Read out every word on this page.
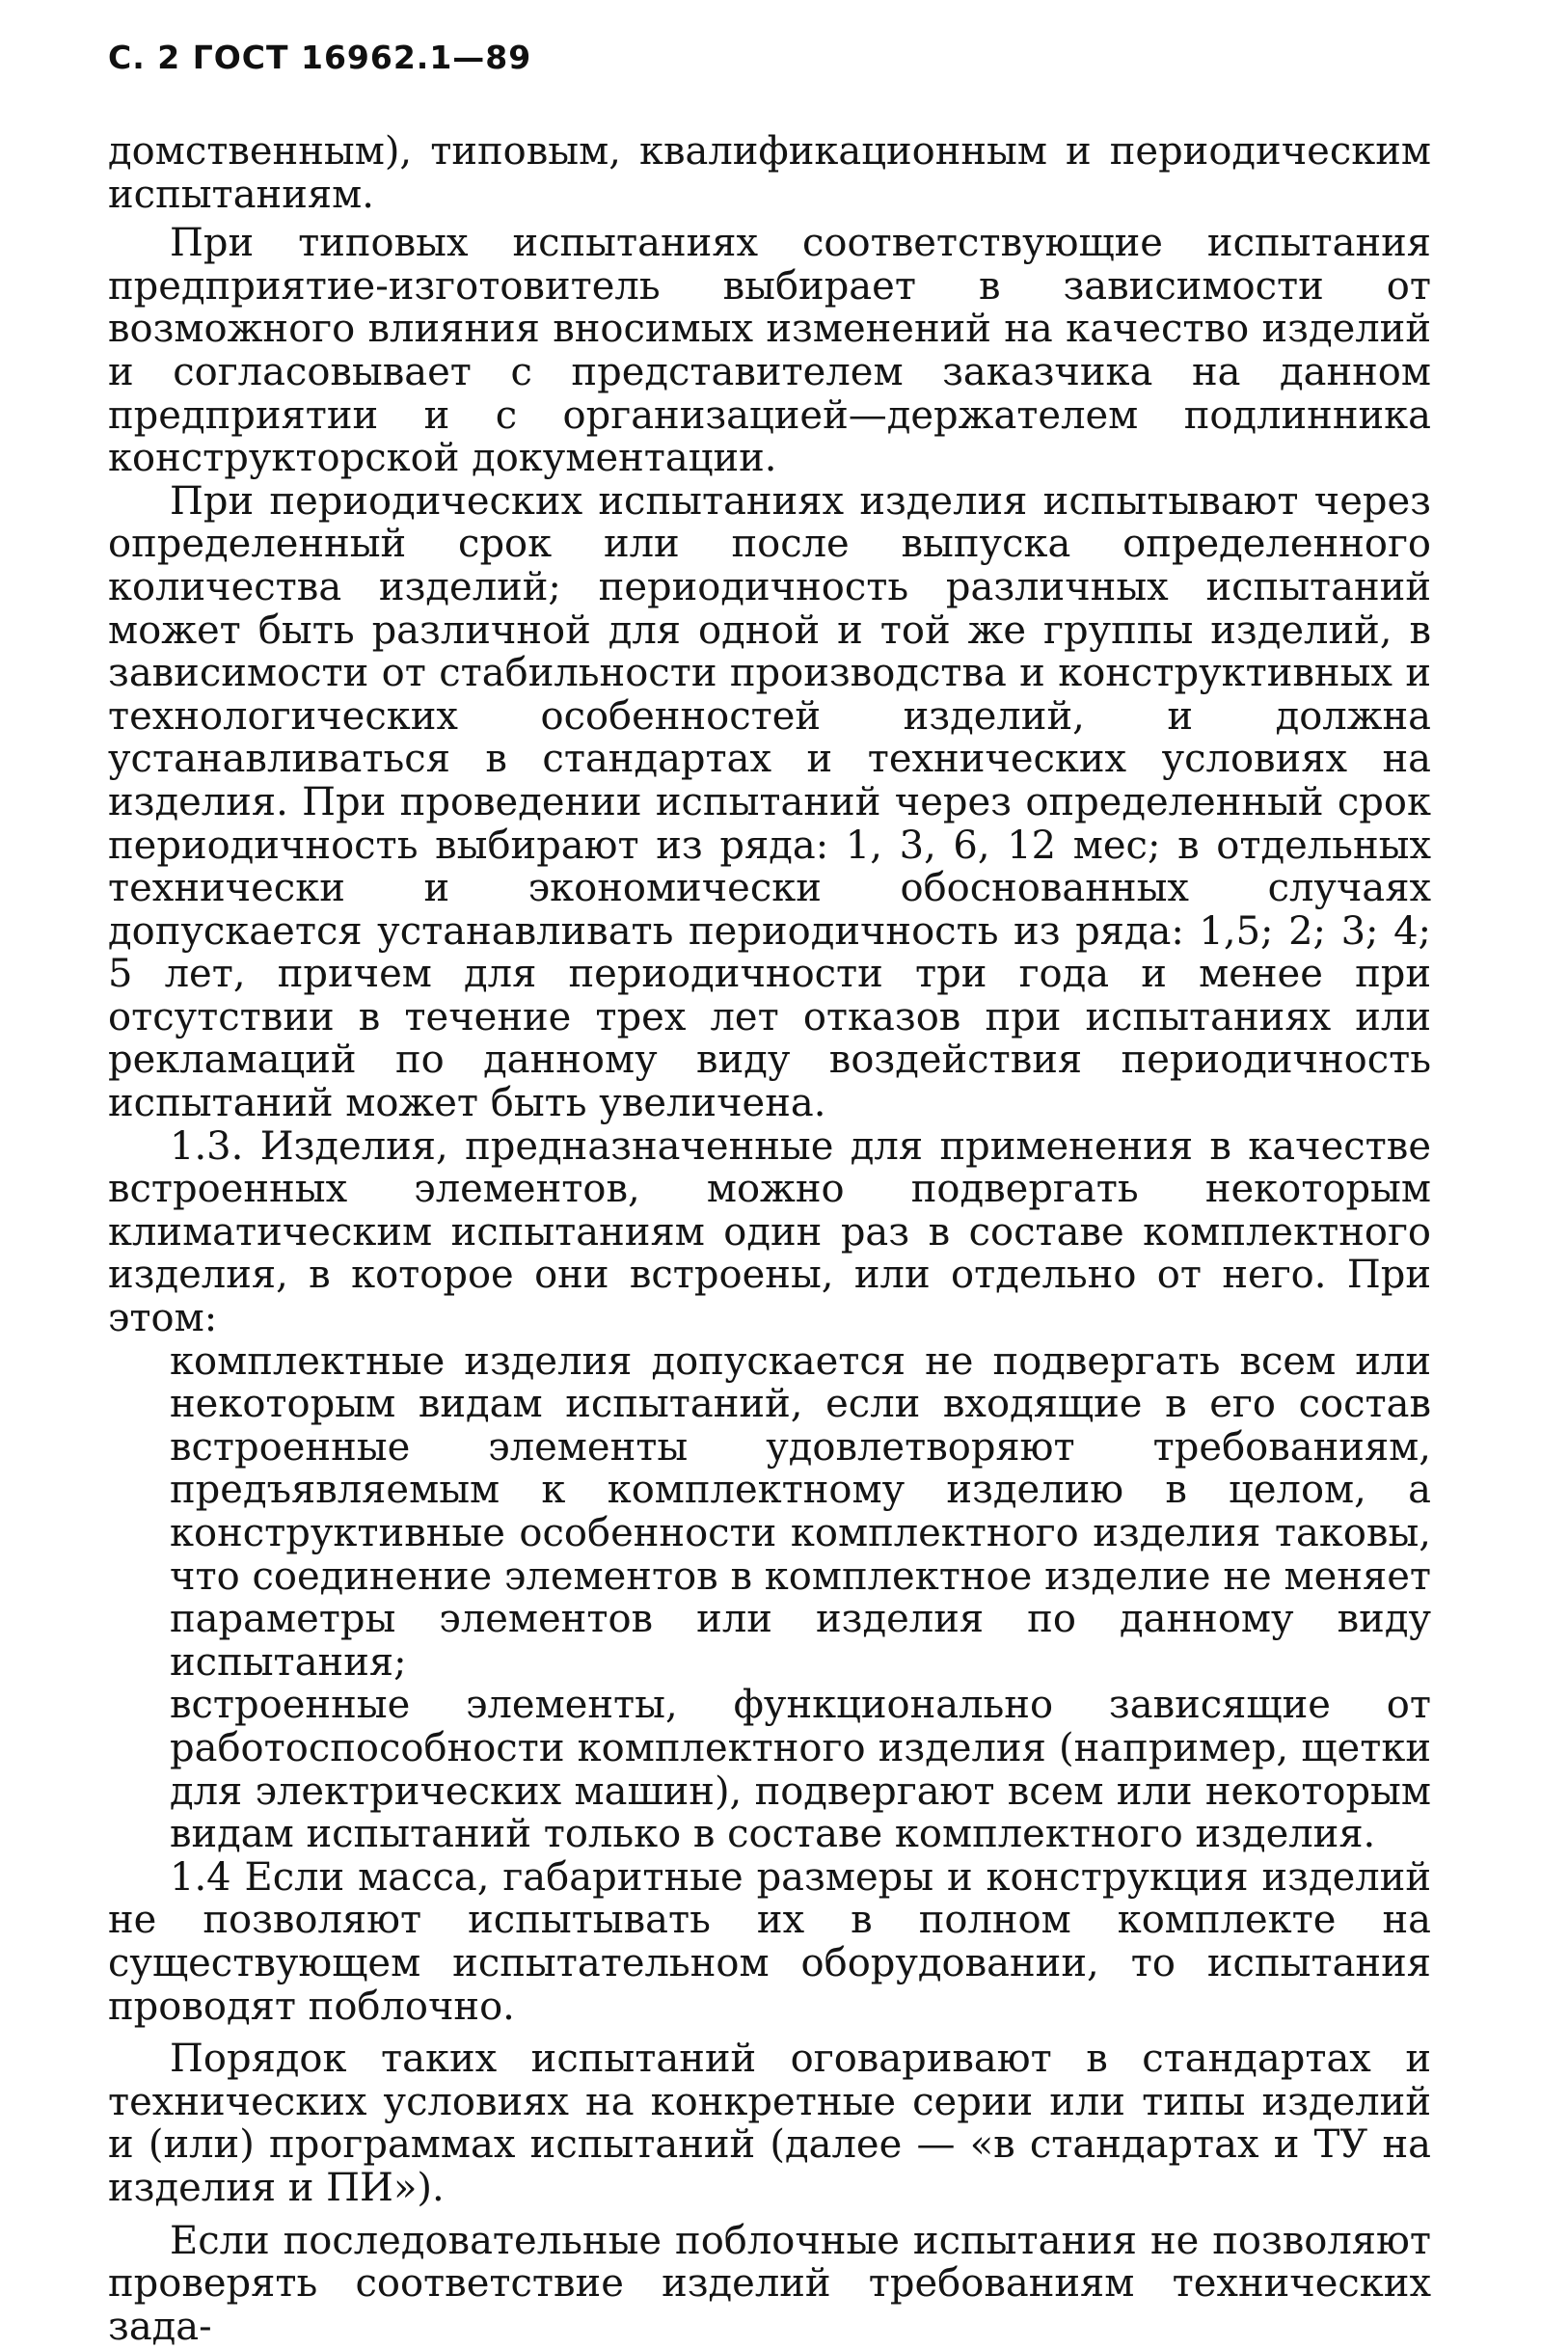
С. 2 ГОСТ 16962.1—89

домственным), типовым, квалификационным и периодическим испытаниям.

При типовых испытаниях соответствующие испытания предприятие-изготовитель выбирает в зависимости от возможного влияния вносимых изменений на качество изделий и согласовывает с представителем заказчика на данном предприятии и с организацией—держателем подлинника конструкторской документации.

При периодических испытаниях изделия испытывают через определенный срок или после выпуска определенного количества изделий; периодичность различных испытаний может быть различной для одной и той же группы изделий, в зависимости от стабильности производства и конструктивных и технологических особенностей изделий, и должна устанавливаться в стандартах и технических условиях на изделия. При проведении испытаний через определенный срок периодичность выбирают из ряда: 1, 3, 6, 12 мес; в отдельных технически и экономически обоснованных случаях допускается устанавливать периодичность из ряда: 1,5; 2; 3; 4; 5 лет, причем для периодичности три года и менее при отсутствии в течение трех лет отказов при испытаниях или рекламаций по данному виду воздействия периодичность испытаний может быть увеличена.

1.3. Изделия, предназначенные для применения в качестве встроенных элементов, можно подвергать некоторым климатическим испытаниям один раз в составе комплектного изделия, в которое они встроены, или отдельно от него. При этом:

комплектные изделия допускается не подвергать всем или некоторым видам испытаний, если входящие в его состав встроенные элементы удовлетворяют требованиям, предъявляемым к комплектному изделию в целом, а конструктивные особенности комплектного изделия таковы, что соединение элементов в комплектное изделие не меняет параметры элементов или изделия по данному виду испытания;

встроенные элементы, функционально зависящие от работоспособности комплектного изделия (например, щетки для электрических машин), подвергают всем или некоторым видам испытаний только в составе комплектного изделия.

1.4 Если масса, габаритные размеры и конструкция изделий не позволяют испытывать их в полном комплекте на существующем испытательном оборудовании, то испытания проводят поблочно.

Порядок таких испытаний оговаривают в стандартах и технических условиях на конкретные серии или типы изделий и (или) программах испытаний (далее — «в стандартах и ТУ на изделия и ПИ»).

Если последовательные поблочные испытания не позволяют проверять соответствие изделий требованиям технических зада-
